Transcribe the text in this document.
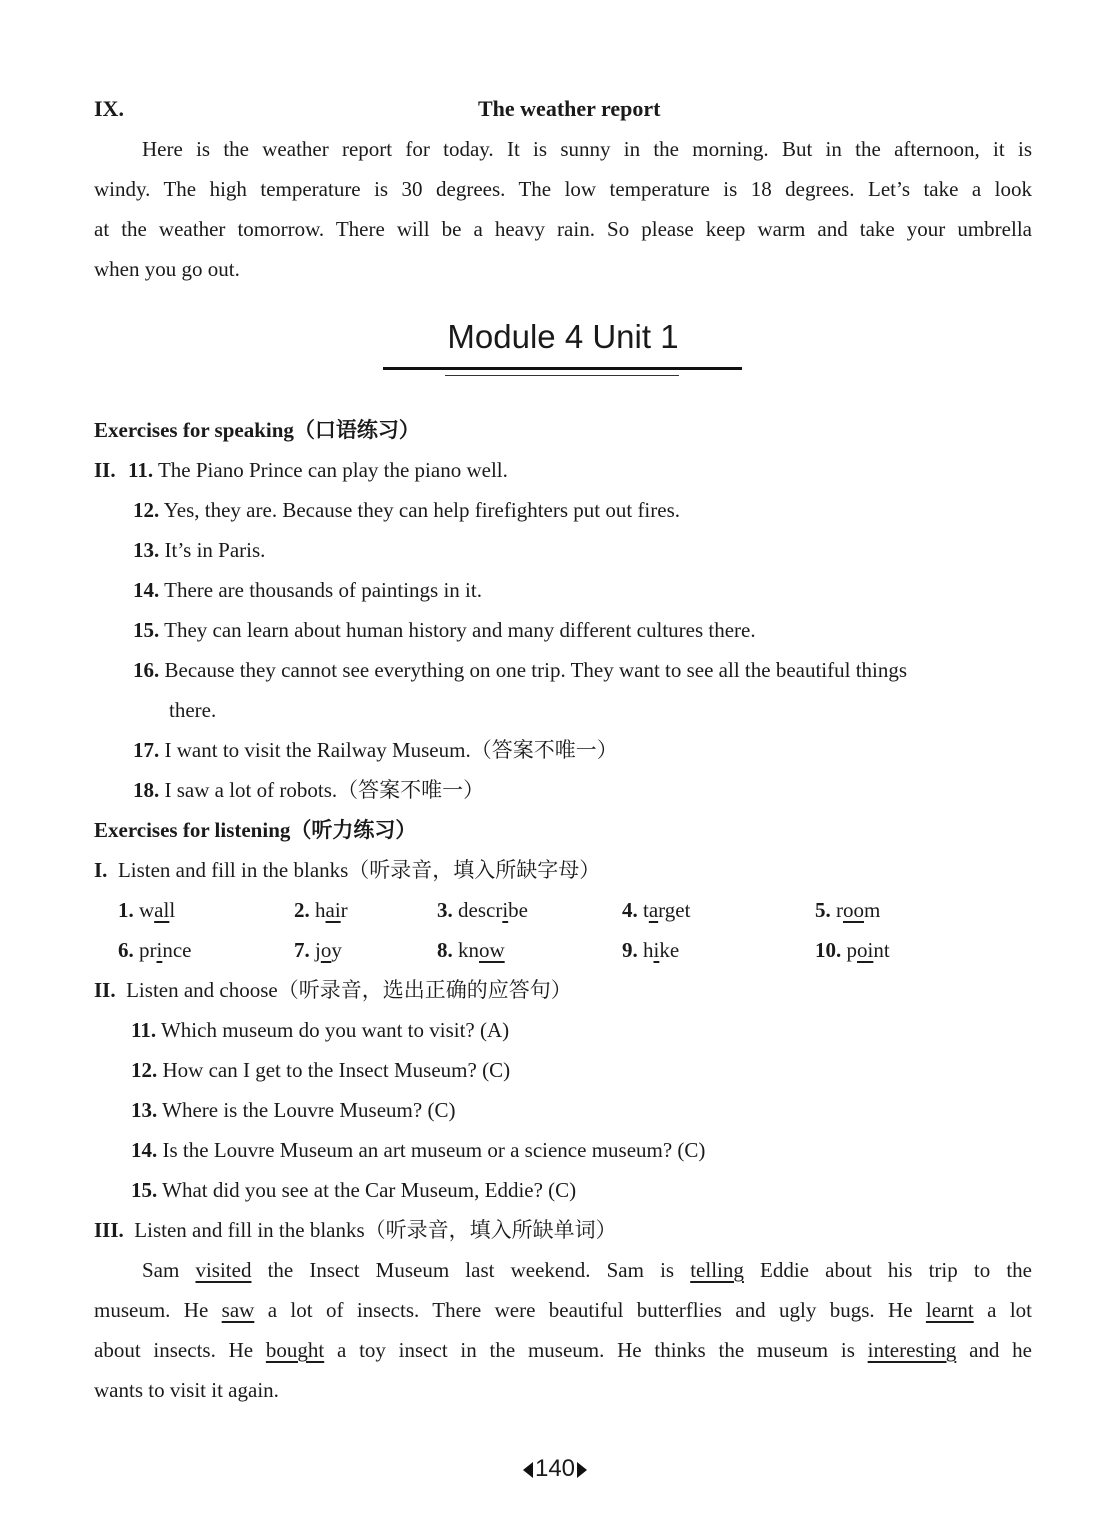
IX.	The weather report
Here is the weather report for today. It is sunny in the morning. But in the afternoon, it is
windy. The high temperature is 30 degrees. The low temperature is 18 degrees. Let’s take a look
at the weather tomorrow. There will be a heavy rain. So please keep warm and take your umbrella
when you go out.
Module 4 Unit 1
Exercises for speaking（口语练习）
II. 11. The Piano Prince can play the piano well.
12. Yes, they are. Because they can help firefighters put out fires.
13. It’s in Paris.
14. There are thousands of paintings in it.
15. They can learn about human history and many different cultures there.
16. Because they cannot see everything on one trip. They want to see all the beautiful things
there.
17. I want to visit the Railway Museum.（答案不唯一）
18. I saw a lot of robots.（答案不唯一）
Exercises for listening（听力练习）
I. Listen and fill in the blanks（听录音，填入所缺字母）
1. wall	2. hair	3. describe	4. target	5. room
6. prince	7. joy	8. know	9. hike	10. point
II. Listen and choose（听录音，选出正确的应答句）
11. Which museum do you want to visit? (A)
12. How can I get to the Insect Museum? (C)
13. Where is the Louvre Museum? (C)
14. Is the Louvre Museum an art museum or a science museum? (C)
15. What did you see at the Car Museum, Eddie? (C)
III. Listen and fill in the blanks（听录音，填入所缺单词）
Sam visited the Insect Museum last weekend. Sam is telling Eddie about his trip to the
museum. He saw a lot of insects. There were beautiful butterflies and ugly bugs. He learnt a lot
about insects. He bought a toy insect in the museum. He thinks the museum is interesting and he
wants to visit it again.
140
